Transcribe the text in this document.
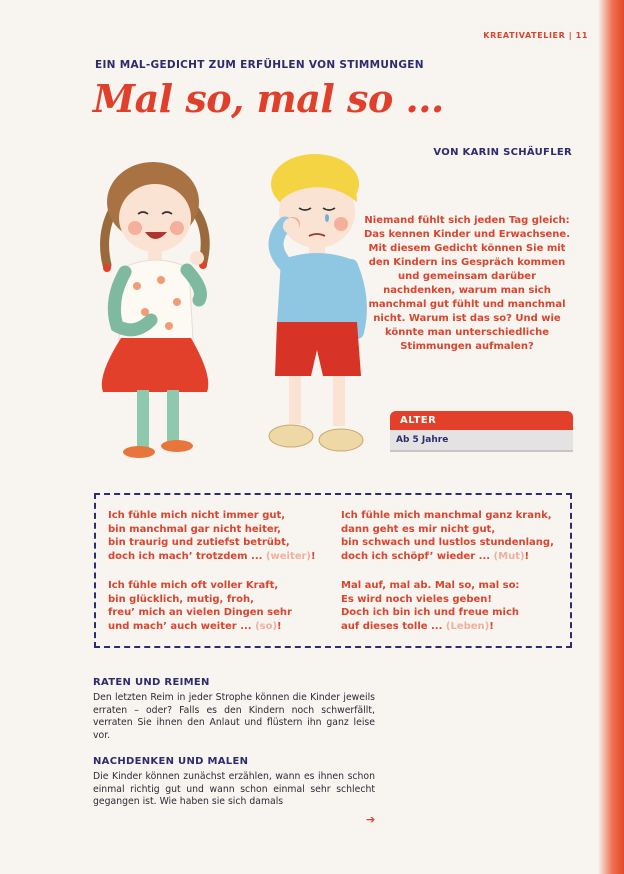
KREATIVATELIER | 11
EIN MAL-GEDICHT ZUM ERFÜHLEN VON STIMMUNGEN
Mal so, mal so ...
VON KARIN SCHÄUFLER

Niemand fühlt sich jeden Tag gleich: Das kennen Kinder und Erwachsene. Mit diesem Gedicht können Sie mit den Kindern ins Gespräch kommen und gemeinsam darüber nachdenken, warum man sich manchmal gut fühlt und manchmal nicht. Warum ist das so? Und wie könnte man unterschiedliche Stimmungen aufmalen?

ALTER
Ab 5 Jahre

Ich fühle mich nicht immer gut,
bin manchmal gar nicht heiter,
bin traurig und zutiefst betrübt,
doch ich mach’ trotzdem ... (weiter)!

Ich fühle mich manchmal ganz krank,
dann geht es mir nicht gut,
bin schwach und lustlos stundenlang,
doch ich schöpf’ wieder ... (Mut)!

Ich fühle mich oft voller Kraft,
bin glücklich, mutig, froh,
freu’ mich an vielen Dingen sehr
und mach’ auch weiter ... (so)!

Mal auf, mal ab. Mal so, mal so:
Es wird noch vieles geben!
Doch ich bin ich und freue mich
auf dieses tolle ... (Leben)!

RATEN UND REIMEN

Den letzten Reim in jeder Strophe können die Kinder jeweils erraten – oder? Falls es den Kindern noch schwerfällt, verraten Sie ihnen den Anlaut und flüstern ihn ganz leise vor.

NACHDENKEN UND MALEN

Die Kinder können zunächst erzählen, wann es ihnen schon einmal richtig gut und wann schon einmal sehr schlecht gegangen ist. Wie haben sie sich damals

➔
